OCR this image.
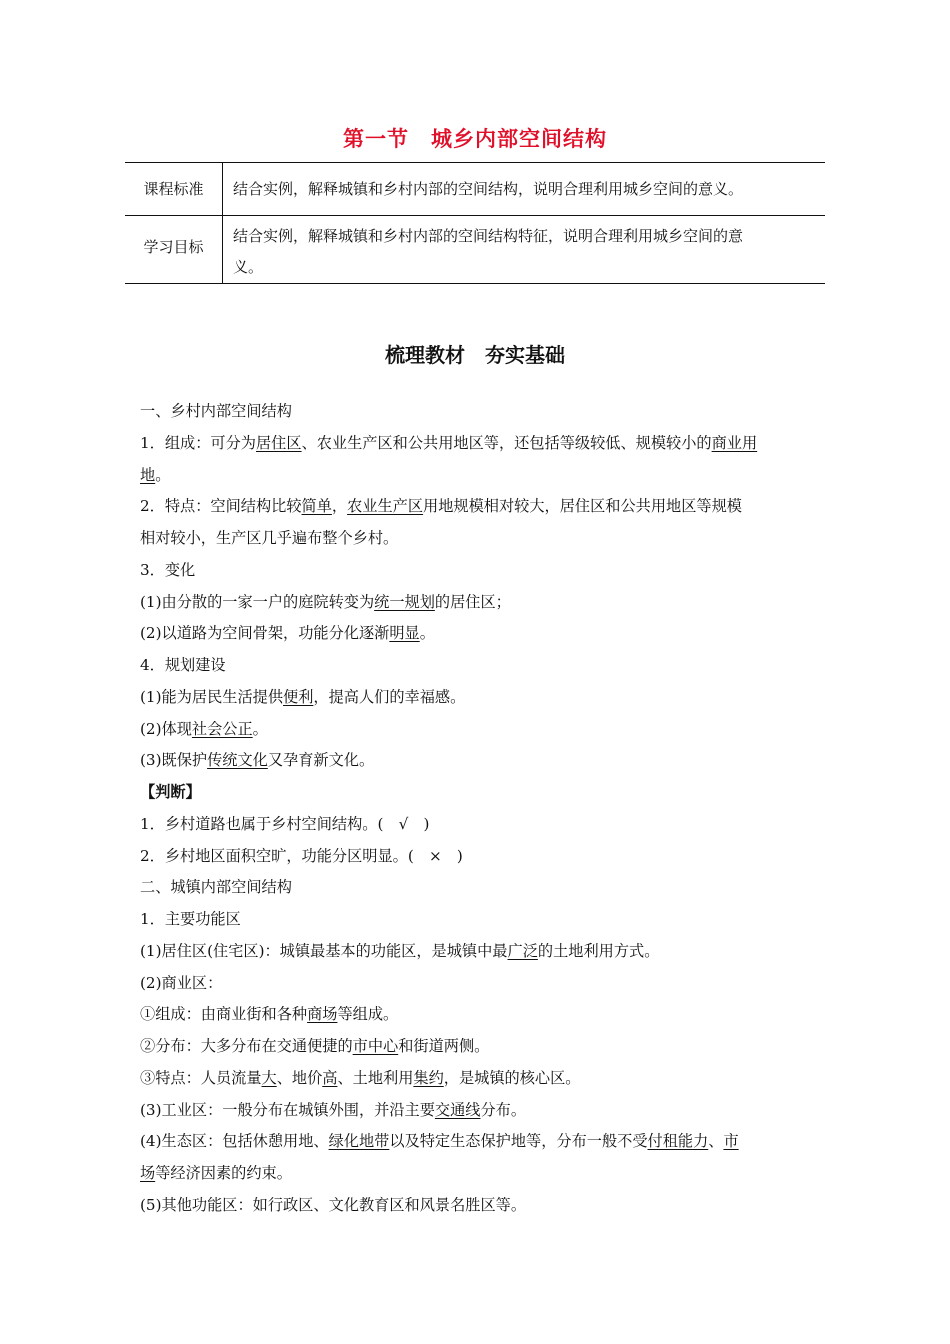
第一节　城乡内部空间结构
课程标准	结合实例，解释城镇和乡村内部的空间结构，说明合理利用城乡空间的意义。

学习目标	结合实例，解释城镇和乡村内部的空间结构特征，说明合理利用城乡空间的意
义。
梳理教材　夯实基础
一、乡村内部空间结构
1．组成：可分为居住区、农业生产区和公共用地区等，还包括等级较低、规模较小的商业用
地。
2．特点：空间结构比较简单，农业生产区用地规模相对较大，居住区和公共用地区等规模
相对较小，生产区几乎遍布整个乡村。
3．变化
(1)由分散的一家一户的庭院转变为统一规划的居住区；
(2)以道路为空间骨架，功能分化逐渐明显。
4．规划建设
(1)能为居民生活提供便利，提高人们的幸福感。
(2)体现社会公正。
(3)既保护传统文化又孕育新文化。
【判断】
1．乡村道路也属于乡村空间结构。(　√　)
2．乡村地区面积空旷，功能分区明显。(　×　)
二、城镇内部空间结构
1．主要功能区
(1)居住区(住宅区)：城镇最基本的功能区，是城镇中最广泛的土地利用方式。
(2)商业区：
①组成：由商业街和各种商场等组成。
②分布：大多分布在交通便捷的市中心和街道两侧。
③特点：人员流量大、地价高、土地利用集约，是城镇的核心区。
(3)工业区：一般分布在城镇外围，并沿主要交通线分布。
(4)生态区：包括休憩用地、绿化地带以及特定生态保护地等，分布一般不受付租能力、市
场等经济因素的约束。
(5)其他功能区：如行政区、文化教育区和风景名胜区等。
